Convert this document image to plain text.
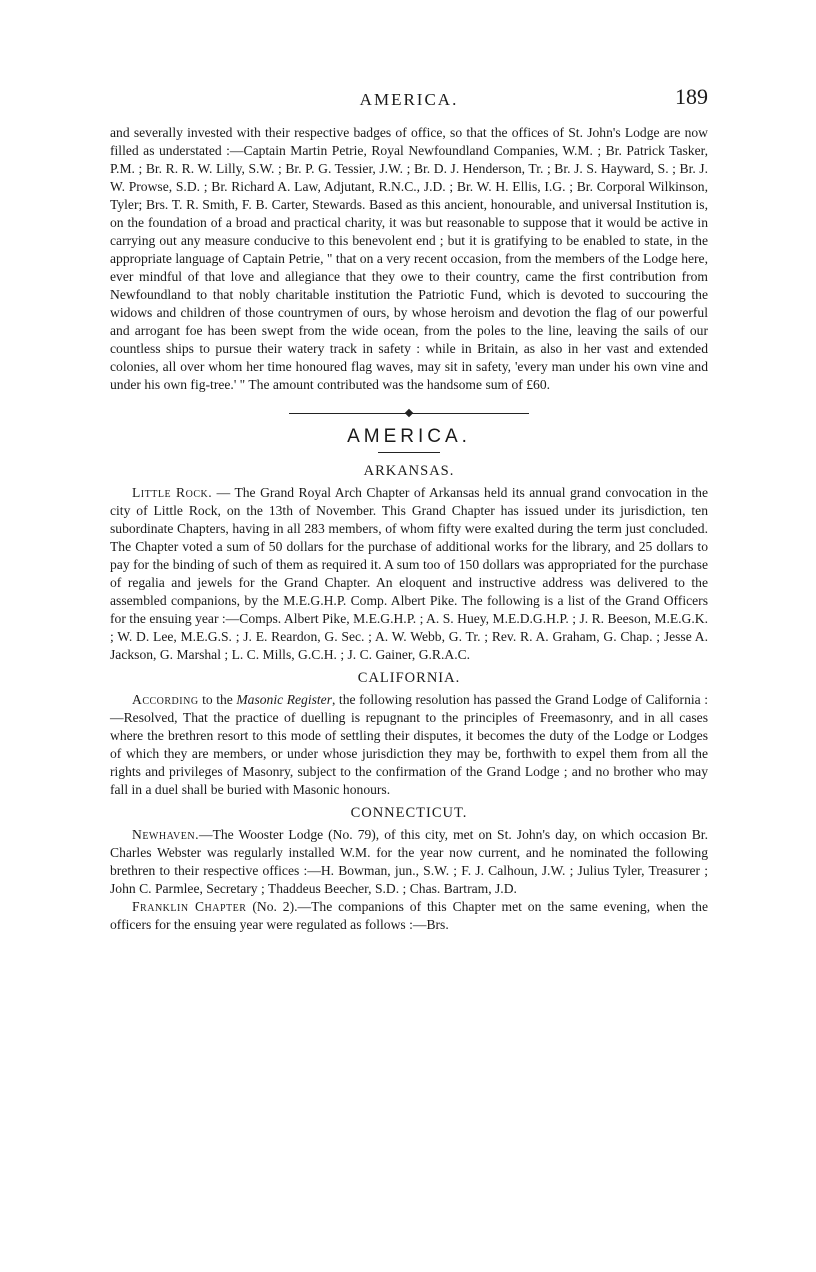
AMERICA.	189

and severally invested with their respective badges of office, so that the offices of St. John's Lodge are now filled as understated :—Captain Martin Petrie, Royal Newfoundland Companies, W.M. ; Br. Patrick Tasker, P.M. ; Br. R. R. W. Lilly, S.W. ; Br. P. G. Tessier, J.W. ; Br. D. J. Henderson, Tr. ; Br. J. S. Hayward, S. ; Br. J. W. Prowse, S.D. ; Br. Richard A. Law, Adjutant, R.N.C., J.D. ; Br. W. H. Ellis, I.G. ; Br. Corporal Wilkinson, Tyler; Brs. T. R. Smith, F. B. Carter, Stewards. Based as this ancient, honourable, and universal Institution is, on the foundation of a broad and practical charity, it was but reasonable to suppose that it would be active in carrying out any measure conducive to this benevolent end ; but it is gratifying to be enabled to state, in the appropriate language of Captain Petrie, " that on a very recent occasion, from the members of the Lodge here, ever mindful of that love and allegiance that they owe to their country, came the first contribution from Newfoundland to that nobly charitable institution the Patriotic Fund, which is devoted to succouring the widows and children of those countrymen of ours, by whose heroism and devotion the flag of our powerful and arrogant foe has been swept from the wide ocean, from the poles to the line, leaving the sails of our countless ships to pursue their watery track in safety : while in Britain, as also in her vast and extended colonies, all over whom her time honoured flag waves, may sit in safety, 'every man under his own vine and under his own fig-tree.' " The amount contributed was the handsome sum of £60.

AMERICA.
ARKANSAS.

Little Rock. — The Grand Royal Arch Chapter of Arkansas held its annual grand convocation in the city of Little Rock, on the 13th of November. This Grand Chapter has issued under its jurisdiction, ten subordinate Chapters, having in all 283 members, of whom fifty were exalted during the term just concluded. The Chapter voted a sum of 50 dollars for the purchase of additional works for the library, and 25 dollars to pay for the binding of such of them as required it. A sum too of 150 dollars was appropriated for the purchase of regalia and jewels for the Grand Chapter. An eloquent and instructive address was delivered to the assembled companions, by the M.E.G.H.P. Comp. Albert Pike. The following is a list of the Grand Officers for the ensuing year :—Comps. Albert Pike, M.E.G.H.P. ; A. S. Huey, M.E.D.G.H.P. ; J. R. Beeson, M.E.G.K. ; W. D. Lee, M.E.G.S. ; J. E. Reardon, G. Sec. ; A. W. Webb, G. Tr. ; Rev. R. A. Graham, G. Chap. ; Jesse A. Jackson, G. Marshal ; L. C. Mills, G.C.H. ; J. C. Gainer, G.R.A.C.

CALIFORNIA.

According to the Masonic Register, the following resolution has passed the Grand Lodge of California :—Resolved, That the practice of duelling is repugnant to the principles of Freemasonry, and in all cases where the brethren resort to this mode of settling their disputes, it becomes the duty of the Lodge or Lodges of which they are members, or under whose jurisdiction they may be, forthwith to expel them from all the rights and privileges of Masonry, subject to the confirmation of the Grand Lodge ; and no brother who may fall in a duel shall be buried with Masonic honours.

CONNECTICUT.

Newhaven.—The Wooster Lodge (No. 79), of this city, met on St. John's day, on which occasion Br. Charles Webster was regularly installed W.M. for the year now current, and he nominated the following brethren to their respective offices :—H. Bowman, jun., S.W. ; F. J. Calhoun, J.W. ; Julius Tyler, Treasurer ; John C. Parmlee, Secretary ; Thaddeus Beecher, S.D. ; Chas. Bartram, J.D.

Franklin Chapter (No. 2).—The companions of this Chapter met on the same evening, when the officers for the ensuing year were regulated as follows :—Brs.
